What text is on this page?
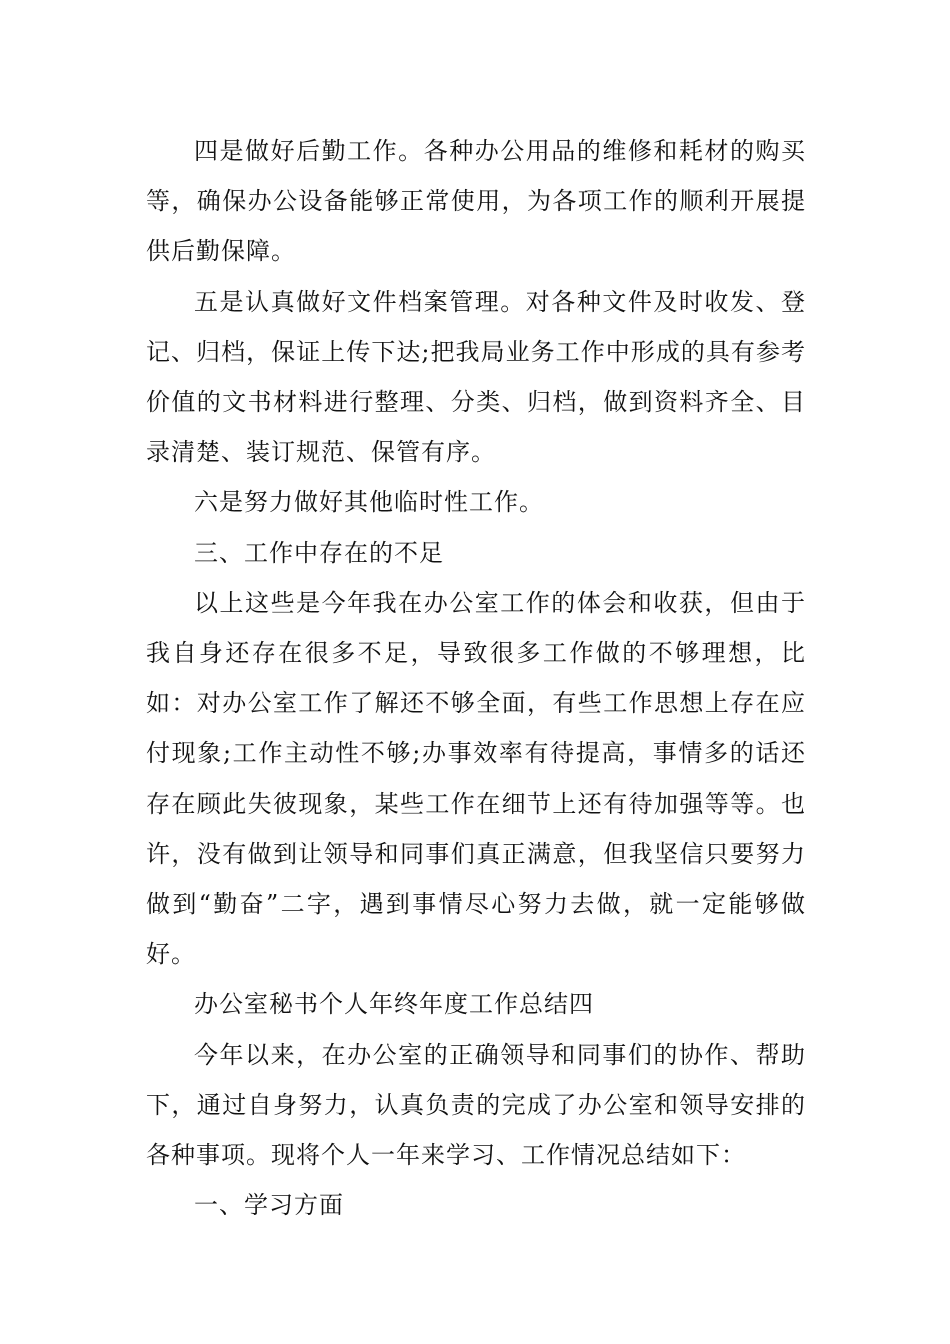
四是做好后勤工作。各种办公用品的维修和耗材的购买等，确保办公设备能够正常使用，为各项工作的顺利开展提供后勤保障。

五是认真做好文件档案管理。对各种文件及时收发、登记、归档，保证上传下达;把我局业务工作中形成的具有参考价值的文书材料进行整理、分类、归档，做到资料齐全、目录清楚、装订规范、保管有序。

六是努力做好其他临时性工作。

三、工作中存在的不足

以上这些是今年我在办公室工作的体会和收获，但由于我自身还存在很多不足，导致很多工作做的不够理想，比如：对办公室工作了解还不够全面，有些工作思想上存在应付现象;工作主动性不够;办事效率有待提高，事情多的话还存在顾此失彼现象，某些工作在细节上还有待加强等等。也许，没有做到让领导和同事们真正满意，但我坚信只要努力做到“勤奋”二字，遇到事情尽心努力去做，就一定能够做好。

办公室秘书个人年终年度工作总结四

今年以来，在办公室的正确领导和同事们的协作、帮助下，通过自身努力，认真负责的完成了办公室和领导安排的各种事项。现将个人一年来学习、工作情况总结如下：

一、学习方面
